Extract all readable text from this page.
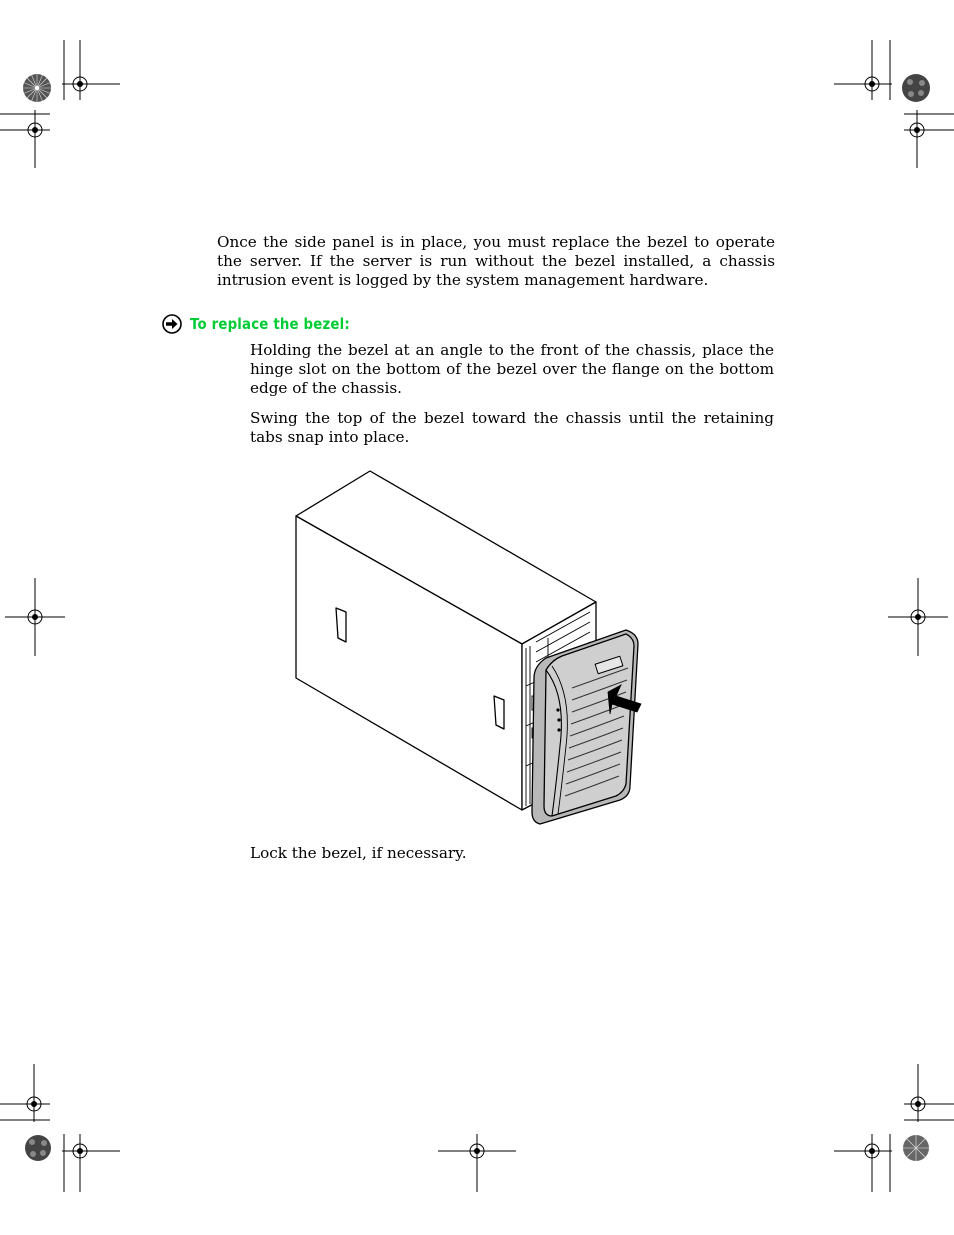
Once the side panel is in place, you must replace the bezel to operate the server. If the server is run without the bezel installed, a chassis intrusion event is logged by the system management hardware.

To replace the bezel:

Holding the bezel at an angle to the front of the chassis, place the hinge slot on the bottom of the bezel over the flange on the bottom edge of the chassis.

Swing the top of the bezel toward the chassis until the retaining tabs snap into place.

Lock the bezel, if necessary.
